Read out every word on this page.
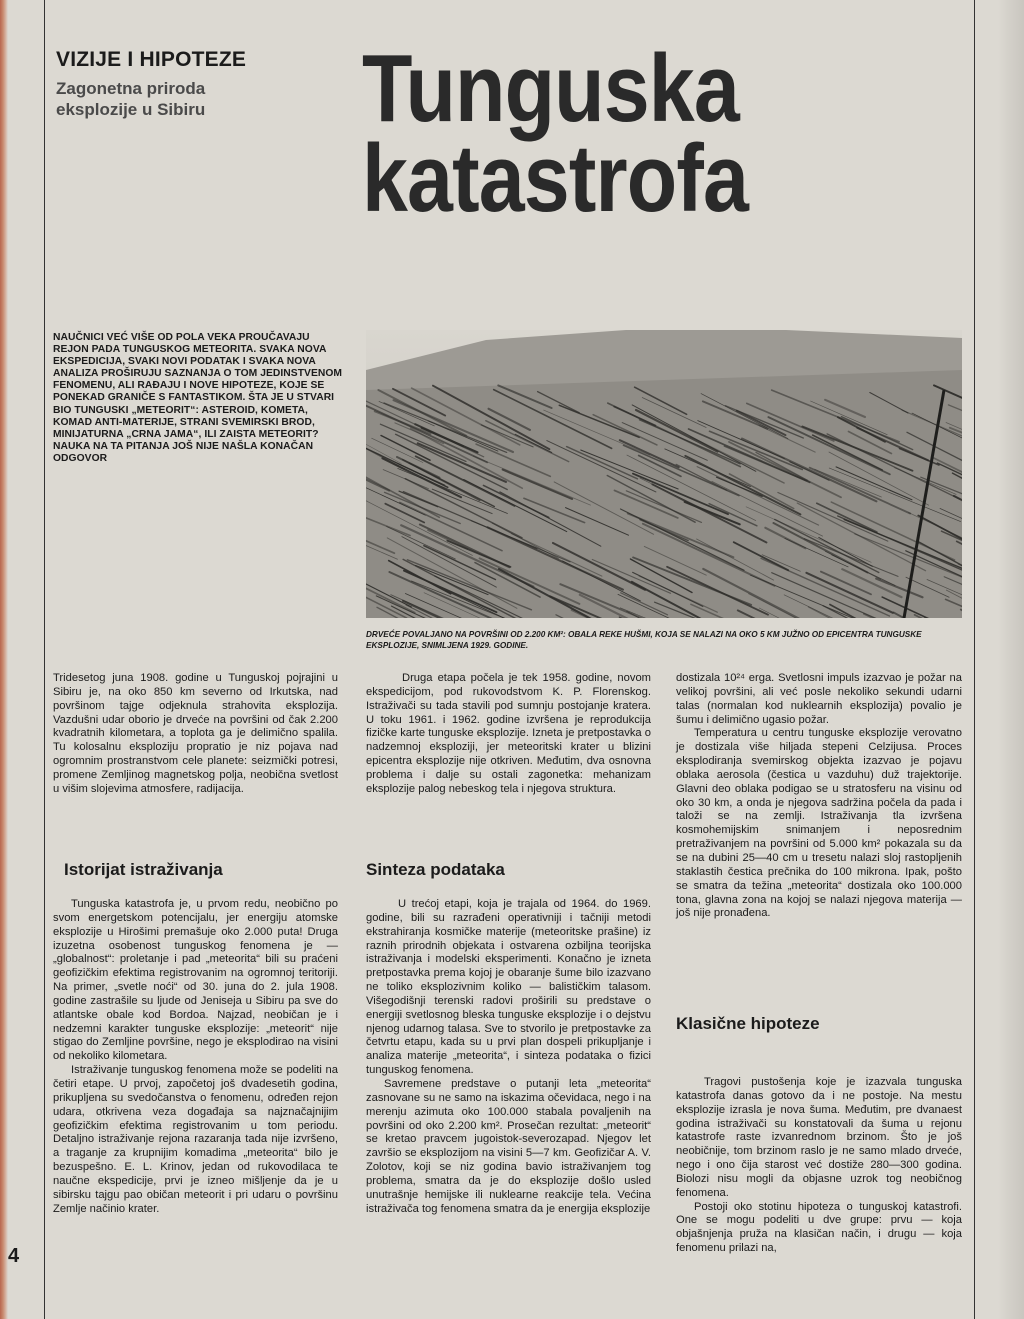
VIZIJE I HIPOTEZE
Zagonetna priroda eksplozije u Sibiru	Tunguska
katastrofa
NAUČNICI VEĆ VIŠE OD POLA VEKA PROUČAVAJU REJON PADA TUNGUSKOG METEORITA. SVAKA NOVA EKSPEDICIJA, SVAKI NOVI PODATAK I SVAKA NOVA ANALIZA PROŠIRUJU SAZNANJA O TOM JEDINSTVENOM FENOMENU, ALI RAĐAJU I NOVE HIPOTEZE, KOJE SE PONEKAD GRANIČE S FANTASTIKOM. ŠTA JE U STVARI BIO TUNGUSKI „METEORIT“: ASTEROID, KOMETA, KOMAD ANTI-MATERIJE, STRANI SVEMIRSKI BROD, MINIJATURNA „CRNA JAMA“, ILI ZAISTA METEORIT? NAUKA NA TA PITANJA JOŠ NIJE NAŠLA KONAČAN ODGOVOR
DRVEĆE POVALJANO NA POVRŠINI OD 2.200 KM²: OBALA REKE HUŠMI, KOJA SE NALAZI NA OKO 5 KM JUŽNO OD EPICENTRA TUNGUSKE EKSPLOZIJE, SNIMLJENA 1929. GODINE.

Tridesetog juna 1908. godine u Tunguskoj pojrajini u Sibiru je, na oko 850 km severno od Irkutska, nad površinom tajge odjeknula strahovita eksplozija. Vazdušni udar oborio je drveće na površini od čak 2.200 kvadratnih kilometara, a toplota ga je delimično spalila. Tu kolosalnu eksploziju propratio je niz pojava nad ogromnim prostranstvom cele planete: seizmički potresi, promene Zemljinog magnetskog polja, neobična svetlost u višim slojevima atmosfere, radijacija.

Istorijat istraživanja

Tunguska katastrofa je, u prvom redu, neobično po svom energetskom potencijalu, jer energiju atomske eksplozije u Hirošimi premašuje oko 2.000 puta! Druga izuzetna osobenost tunguskog fenomena je — „globalnost“: proletanje i pad „meteorita“ bili su praćeni geofizičkim efektima registrovanim na ogromnoj teritoriji. Na primer, „svetle noći“ od 30. juna do 2. jula 1908. godine zastrašile su ljude od Jeniseja u Sibiru pa sve do atlantske obale kod Bordoa. Najzad, neobičan je i nedzemni karakter tunguske eksplozije: „meteorit“ nije stigao do Zemljine površine, nego je eksplodirao na visini od nekoliko kilometara.

Istraživanje tunguskog fenomena može se podeliti na četiri etape. U prvoj, započetoj još dvadesetih godina, prikupljena su svedočanstva o fenomenu, određen rejon udara, otkrivena veza događaja sa najznačajnijim geofizičkim efektima registrovanim u tom periodu. Detaljno istraživanje rejona razaranja tada nije izvršeno, a traganje za krupnijim komadima „meteorita“ bilo je bezuspešno. E. L. Krinov, jedan od rukovodilaca te naučne ekspedicije, prvi je izneo mišljenje da je u sibirsku tajgu pao običan meteorit i pri udaru o površinu Zemlje načinio krater.

Druga etapa počela je tek 1958. godine, novom ekspedicijom, pod rukovodstvom K. P. Florenskog. Istraživači su tada stavili pod sumnju postojanje kratera. U toku 1961. i 1962. godine izvršena je reprodukcija fizičke karte tunguske eksplozije. Izneta je pretpostavka o nadzemnoj eksploziji, jer meteoritski krater u blizini epicentra eksplozije nije otkriven. Međutim, dva osnovna problema i dalje su ostali zagonetka: mehanizam eksplozije palog nebeskog tela i njegova struktura.

Sinteza podataka

U trećoj etapi, koja je trajala od 1964. do 1969. godine, bili su razrađeni operativniji i tačniji metodi ekstrahiranja kosmičke materije (meteoritske prašine) iz raznih prirodnih objekata i ostvarena ozbiljna teorijska istraživanja i modelski eksperimenti. Konačno je izneta pretpostavka prema kojoj je obaranje šume bilo izazvano ne toliko eksplozivnim koliko — balističkim talasom. Višegodišnji terenski radovi proširili su predstave o energiji svetlosnog bleska tunguske eksplozije i o dejstvu njenog udarnog talasa. Sve to stvorilo je pretpostavke za četvrtu etapu, kada su u prvi plan dospeli prikupljanje i analiza materije „meteorita“, i sinteza podataka o fizici tunguskog fenomena.

Savremene predstave o putanji leta „meteorita“ zasnovane su ne samo na iskazima očevidaca, nego i na merenju azimuta oko 100.000 stabala povaljenih na površini od oko 2.200 km². Prosečan rezultat: „meteorit“ se kretao pravcem jugoistok-severozapad. Njegov let završio se eksplozijom na visini 5—7 km. Geofizičar A. V. Zolotov, koji se niz godina bavio istraživanjem tog problema, smatra da je do eksplozije došlo usled unutrašnje hemijske ili nuklearne reakcije tela. Većina istraživača tog fenomena smatra da je energija eksplozije

dostizala 10²⁴ erga. Svetlosni impuls izazvao je požar na velikoj površini, ali već posle nekoliko sekundi udarni talas (normalan kod nuklearnih eksplozija) povalio je šumu i delimično ugasio požar.

Temperatura u centru tunguske eksplozije verovatno je dostizala više hiljada stepeni Celzijusa. Proces eksplodiranja svemirskog objekta izazvao je pojavu oblaka aerosola (čestica u vazduhu) duž trajektorije. Glavni deo oblaka podigao se u stratosferu na visinu od oko 30 km, a onda je njegova sadržina počela da pada i taloži se na zemlji. Istraživanja tla izvršena kosmohemijskim snimanjem i neposrednim pretraživanjem na površini od 5.000 km² pokazala su da se na dubini 25—40 cm u tresetu nalazi sloj rastopljenih staklastih čestica prečnika do 100 mikrona. Ipak, pošto se smatra da težina „meteorita“ dostizala oko 100.000 tona, glavna zona na kojoj se nalazi njegova materija — još nije pronađena.

Klasične hipoteze

Tragovi pustošenja koje je izazvala tunguska katastrofa danas gotovo da i ne postoje. Na mestu eksplozije izrasla je nova šuma. Međutim, pre dvanaest godina istraživači su konstatovali da šuma u rejonu katastrofe raste izvanrednom brzinom. Što je još neobičnije, tom brzinom raslo je ne samo mlado drveće, nego i ono čija starost već dostiže 280—300 godina. Biolozi nisu mogli da objasne uzrok tog neobičnog fenomena.

Postoji oko stotinu hipoteza o tunguskoj katastrofi. One se mogu podeliti u dve grupe: prvu — koja objašnjenja pruža na klasičan način, i drugu — koja fenomenu prilazi na,

4
